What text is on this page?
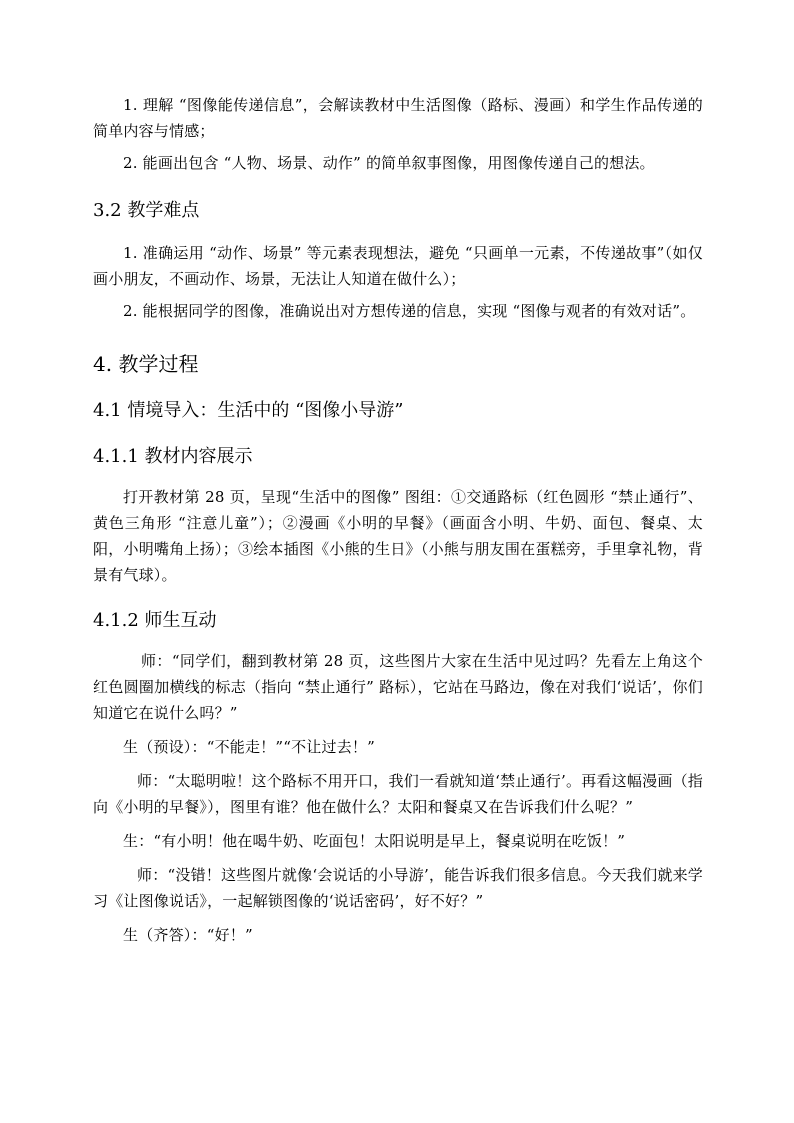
1. 理解 “图像能传递信息”，会解读教材中生活图像（路标、漫画）和学生作品传递的简单内容与情感；

2. 能画出包含 “人物、场景、动作” 的简单叙事图像，用图像传递自己的想法。

3.2 教学难点

1. 准确运用 “动作、场景” 等元素表现想法，避免 “只画单一元素，不传递故事”（如仅画小朋友，不画动作、场景，无法让人知道在做什么）；

2. 能根据同学的图像，准确说出对方想传递的信息，实现 “图像与观者的有效对话”。

4. 教学过程
4.1 情境导入：生活中的 “图像小导游”
4.1.1 教材内容展示

打开教材第 28 页，呈现“生活中的图像” 图组：①交通路标（红色圆形 “禁止通行”、黄色三角形 “注意儿童”）；②漫画《小明的早餐》（画面含小明、牛奶、面包、餐桌、太阳，小明嘴角上扬）；③绘本插图《小熊的生日》（小熊与朋友围在蛋糕旁，手里拿礼物，背景有气球）。

4.1.2 师生互动

师：“同学们，翻到教材第 28 页，这些图片大家在生活中见过吗？先看左上角这个红色圆圈加横线的标志（指向 “禁止通行” 路标），它站在马路边，像在对我们‘说话’，你们知道它在说什么吗？”

生（预设）：“不能走！”“不让过去！”

师：“太聪明啦！这个路标不用开口，我们一看就知道‘禁止通行’。再看这幅漫画（指向《小明的早餐》），图里有谁？他在做什么？太阳和餐桌又在告诉我们什么呢？”

生：“有小明！他在喝牛奶、吃面包！太阳说明是早上，餐桌说明在吃饭！”

师：“没错！这些图片就像‘会说话的小导游’，能告诉我们很多信息。今天我们就来学习《让图像说话》，一起解锁图像的‘说话密码’，好不好？”

生（齐答）：“好！”
